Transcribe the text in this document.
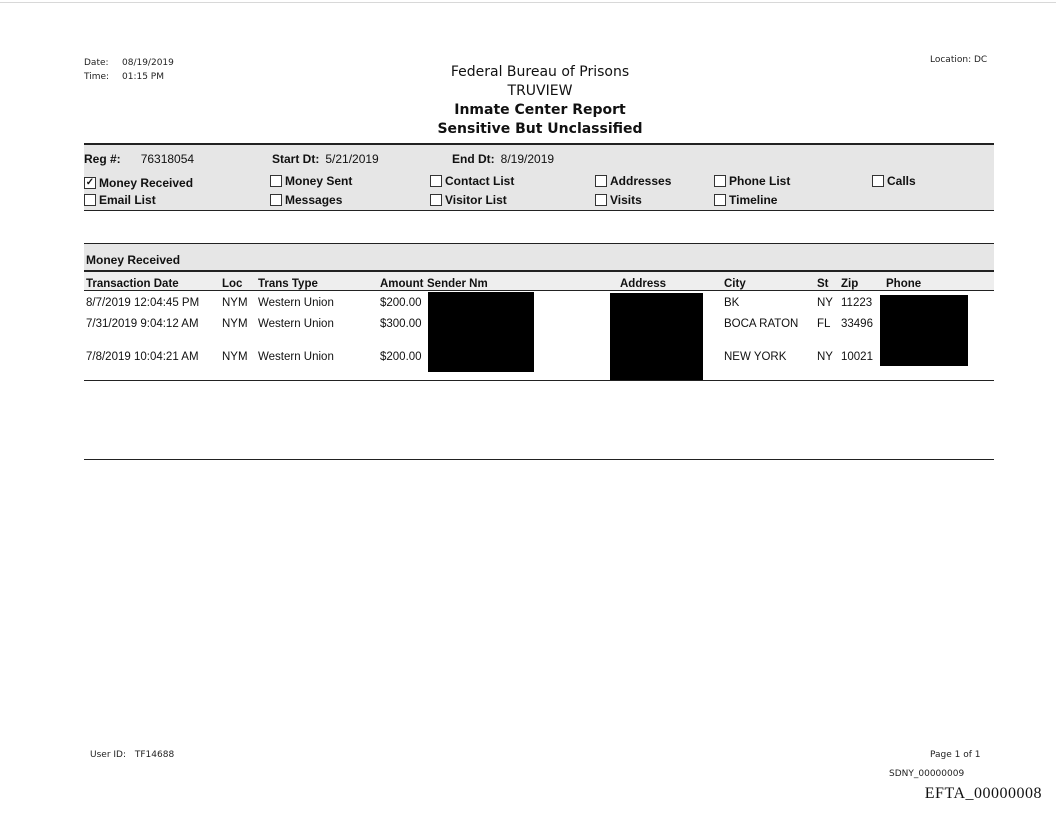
Date: 08/19/2019
Time: 01:15 PM
Location: DC
Federal Bureau of Prisons
TRUVIEW
Inmate Center Report
Sensitive But Unclassified
Reg #: 76318054	Start Dt: 5/21/2019	End Dt: 8/19/2019
✓ Money Received	Money Sent	Contact List	Addresses	Phone List	Calls
Email List	Messages	Visitor List	Visits	Timeline
Money Received
Transaction Date	Loc Trans Type	Amount Sender Nm	Address	City	St Zip Phone
8/7/2019 12:04:45 PM NYM Western Union	$200.00	BK	NY 11223
7/31/2019 9:04:12 AM NYM Western Union	$300.00	BOCA RATON FL 33496
7/8/2019 10:04:21 AM NYM Western Union	$200.00	NEW YORK	NY 10021
User ID: TF14688	Page 1 of 1
SDNY_00000009
EFTA_00000008
